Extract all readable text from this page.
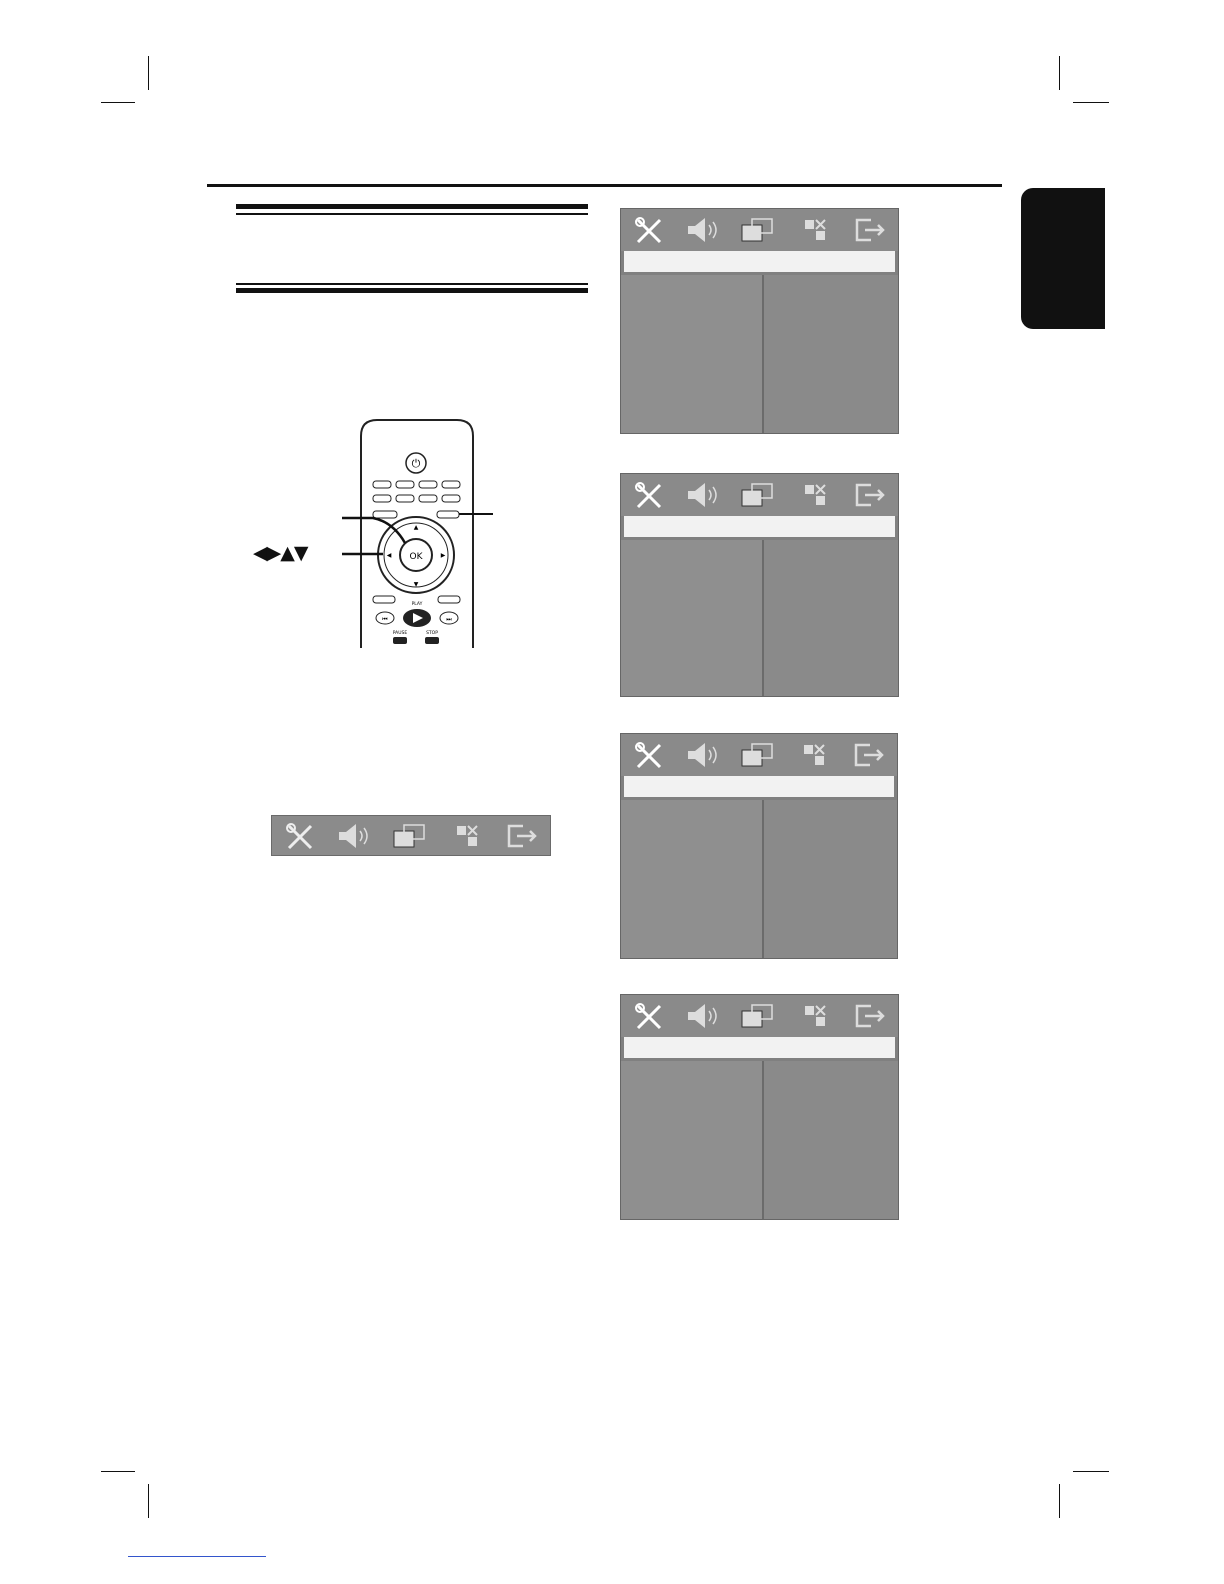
⏻
OK
▲
▼
◀	▶
⏮
PLAY
⏭
PAUSE	STOP
◀▶▲▼
